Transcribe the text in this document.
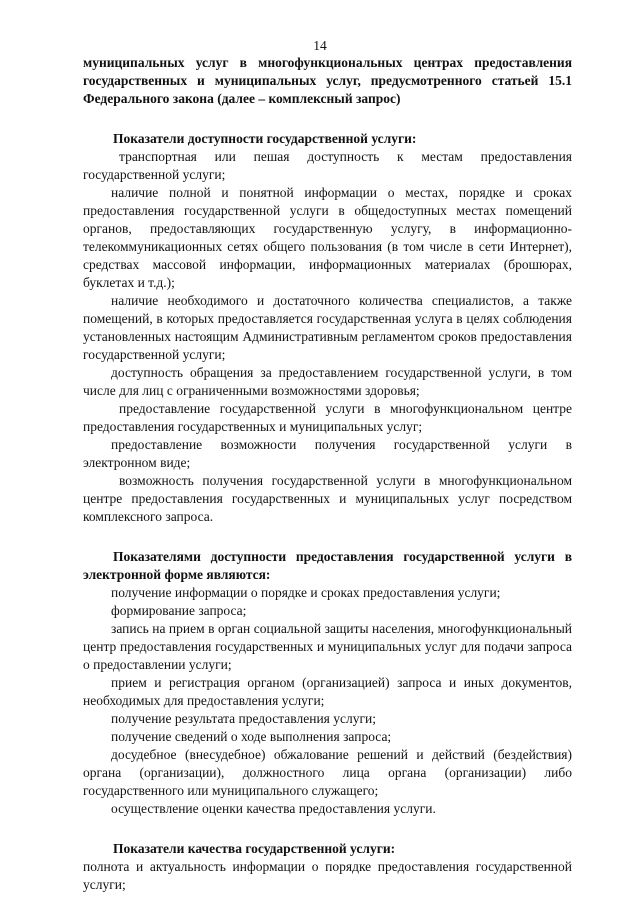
14

муниципальных услуг в многофункциональных центрах предоставления государственных и муниципальных услуг, предусмотренного статьей 15.1 Федерального закона (далее – комплексный запрос)

Показатели доступности государственной услуги:

транспортная или пешая доступность к местам предоставления государственной услуги;

наличие полной и понятной информации о местах, порядке и сроках предоставления государственной услуги в общедоступных местах помещений органов, предоставляющих государственную услугу, в информационно-телекоммуникационных сетях общего пользования (в том числе в сети Интернет), средствах массовой информации, информационных материалах (брошюрах, буклетах и т.д.);

наличие необходимого и достаточного количества специалистов, а также помещений, в которых предоставляется государственная услуга в целях соблюдения установленных настоящим Административным регламентом сроков предоставления государственной услуги;

доступность обращения за предоставлением государственной услуги, в том числе для лиц с ограниченными возможностями здоровья;

предоставление государственной услуги в многофункциональном центре предоставления государственных и муниципальных услуг;

предоставление возможности получения государственной услуги в электронном виде;

возможность получения государственной услуги в многофункциональном центре предоставления государственных и муниципальных услуг посредством комплексного запроса.

Показателями доступности предоставления государственной услуги в электронной форме являются:

получение информации о порядке и сроках предоставления услуги;

формирование запроса;

запись на прием в орган социальной защиты населения, многофункциональный центр предоставления государственных и муниципальных услуг для подачи запроса о предоставлении услуги;

прием и регистрация органом (организацией) запроса и иных документов, необходимых для предоставления услуги;

получение результата предоставления услуги;

получение сведений о ходе выполнения запроса;

досудебное (внесудебное) обжалование решений и действий (бездействия) органа (организации), должностного лица органа (организации) либо государственного или муниципального служащего;

осуществление оценки качества предоставления услуги.

Показатели качества государственной услуги:

полнота и актуальность информации о порядке предоставления государственной услуги;
